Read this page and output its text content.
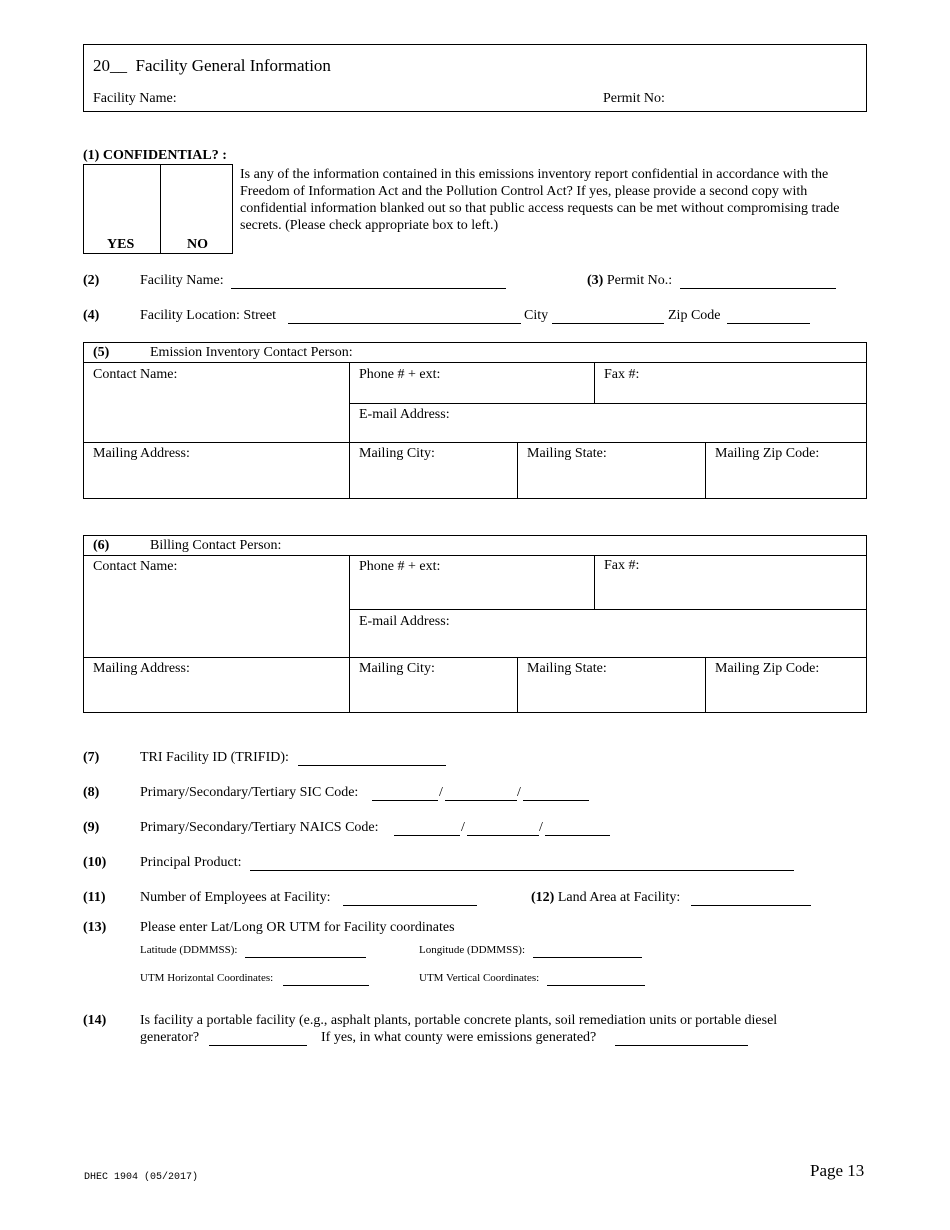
20__ Facility General Information
Facility Name:	Permit No:
(1) CONFIDENTIAL? :
YES	NO
Is any of the information contained in this emissions inventory report confidential in accordance with the Freedom of Information Act and the Pollution Control Act? If yes, please provide a second copy with confidential information blanked out so that public access requests can be met without compromising trade secrets. (Please check appropriate box to left.)
(2)	Facility Name:	(3) Permit No.:
(4)	Facility Location: Street	City	Zip Code
(5)	Emission Inventory Contact Person:
Contact Name:	Phone # + ext:	Fax #:
E-mail Address:
Mailing Address:	Mailing City:	Mailing State:	Mailing Zip Code:
(6)	Billing Contact Person:
Contact Name:	Phone # + ext:	Fax #:
E-mail Address:
Mailing Address:	Mailing City:	Mailing State:	Mailing Zip Code:
(7)	TRI Facility ID (TRIFID):
(8)	Primary/Secondary/Tertiary SIC Code:	/	/
(9)	Primary/Secondary/Tertiary NAICS Code:	/	/
(10) Principal Product:
(11) Number of Employees at Facility:	(12) Land Area at Facility:
(13) Please enter Lat/Long OR UTM for Facility coordinates
Latitude (DDMMSS):	Longitude (DDMMSS):
UTM Horizontal Coordinates:	UTM Vertical Coordinates:
(14) Is facility a portable facility (e.g., asphalt plants, portable concrete plants, soil remediation units or portable diesel
generator?	If yes, in what county were emissions generated?
DHEC 1904 (05/2017)	Page 13
